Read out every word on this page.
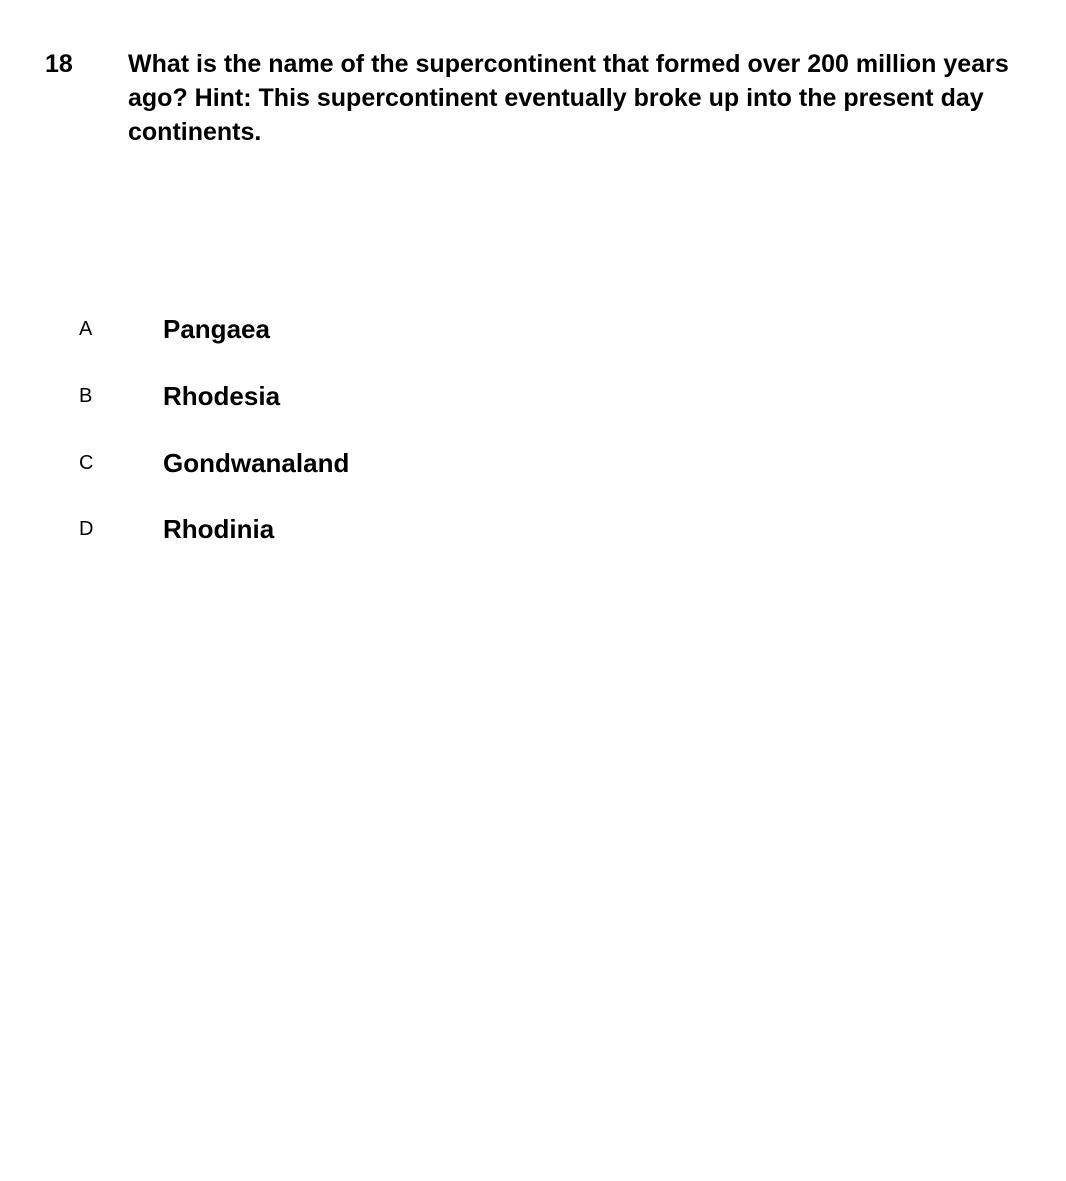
18 What is the name of the supercontinent that formed over 200 million years ago? Hint: This supercontinent eventually broke up into the present day continents.
A	Pangaea
B	Rhodesia
C	Gondwanaland
D	Rhodinia
